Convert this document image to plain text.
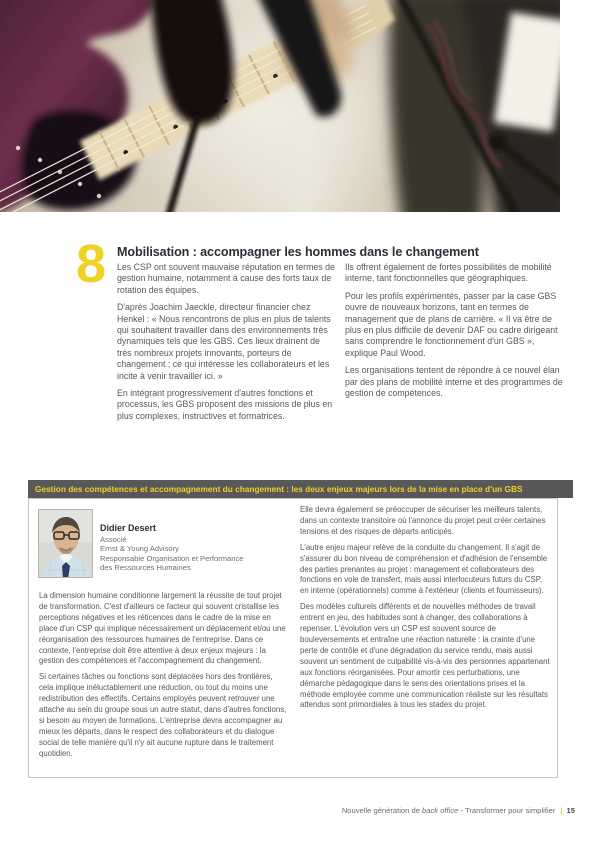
8 Mobilisation : accompagner les hommes dans le changement

Les CSP ont souvent mauvaise réputation en termes de gestion humaine, notamment à cause des forts taux de rotation des équipes.

D'après Joachim Jaeckle, directeur financier chez Henkel : « Nous rencontrons de plus en plus de talents qui souhaitent travailler dans des environnements très dynamiques tels que les GBS. Ces lieux drainent de très nombreux projets innovants, porteurs de changement ; ce qui intéresse les collaborateurs et les incite à venir travailler ici. »

En intégrant progressivement d'autres fonctions et processus, les GBS proposent des missions de plus en plus complexes, instructives et formatrices.

Ils offrent également de fortes possibilités de mobilité interne, tant fonctionnelles que géographiques.

Pour les profils expérimentés, passer par la case GBS ouvre de nouveaux horizons, tant en termes de management que de plans de carrière. « Il va être de plus en plus difficile de devenir DAF ou cadre dirigeant sans comprendre le fonctionnement d'un GBS », explique Paul Wood.

Les organisations tentent de répondre à ce nouvel élan par des plans de mobilité interne et des programmes de gestion de compétences.

Gestion des compétences et accompagnement du changement : les deux enjeux majeurs lors de la mise en place d'un GBS
Didier Desert
Associé
Ernst & Young Advisory
Responsable Organisation et Performance
des Ressources Humaines

La dimension humaine conditionne largement la réussite de tout projet de transformation. C'est d'ailleurs ce facteur qui souvent cristallise les perceptions négatives et les réticences dans le cadre de la mise en place d'un CSP qui implique nécessairement un déplacement et/ou une réorganisation des ressources humaines de l'entreprise. Dans ce contexte, l'entreprise doit être attentive à deux enjeux majeurs : la gestion des compétences et l'accompagnement du changement.

Si certaines tâches ou fonctions sont déplacées hors des frontières, cela implique inéluctablement une réduction, ou tout du moins une redistribution des effectifs. Certains employés peuvent retrouver une attache au sein du groupe sous un autre statut, dans d'autres fonctions, si besoin au moyen de formations. L'entreprise devra accompagner au mieux les départs, dans le respect des collaborateurs et du dialogue social de telle manière qu'il n'y ait aucune rupture dans le traitement quotidien.

Elle devra également se préoccuper de sécuriser les meilleurs talents, dans un contexte transitoire où l'annonce du projet peut créer certaines tensions et des risques de départs anticipés.

L'autre enjeu majeur relève de la conduite du changement. Il s'agit de s'assurer du bon niveau de compréhension et d'adhésion de l'ensemble des parties prenantes au projet : management et collaborateurs des fonctions en voie de transfert, mais aussi interlocuteurs futurs du CSP, en interne (opérationnels) comme à l'extérieur (clients et fournisseurs).

Des modèles culturels différents et de nouvelles méthodes de travail entrent en jeu, des habitudes sont à changer, des collaborations à repenser. L'évolution vers un CSP est souvent source de bouleversements et entraîne une réaction naturelle : la crainte d'une perte de contrôle et d'une dégradation du service rendu, mais aussi souvent un sentiment de culpabilité vis-à-vis des personnes appartenant aux fonctions réorganisées. Pour amortir ces perturbations, une démarche pédagogique dans le sens des orientations prises et la méthode employée comme une communication réaliste sur les résultats attendus sont primordiales à tous les stades du projet.

Nouvelle génération de back office - Transformer pour simplifier | 15
